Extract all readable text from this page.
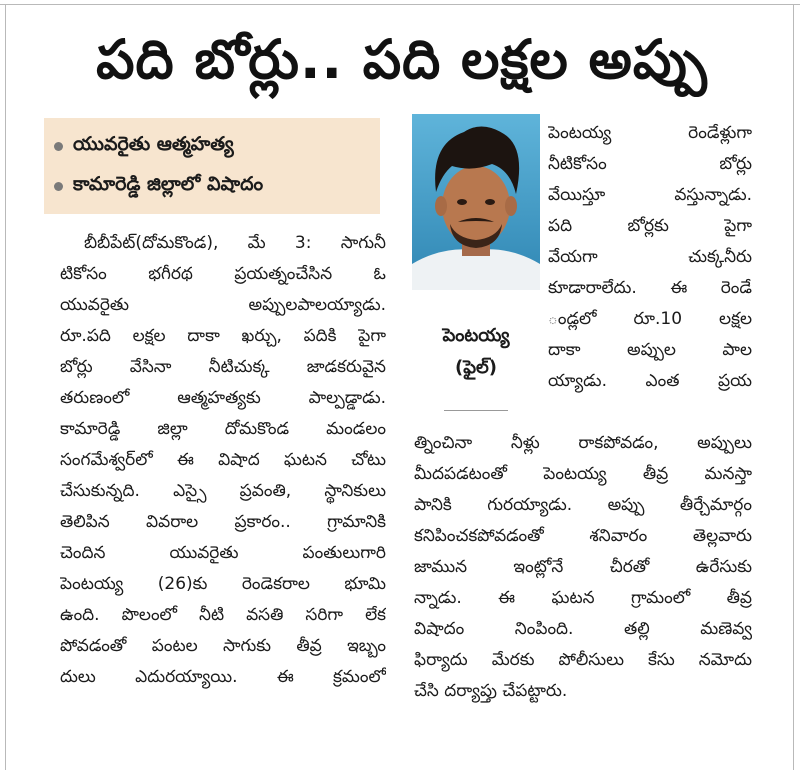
పది బోర్లు.. పది లక్షల అప్పు
యువరైతు ఆత్మహత్య
కామారెడ్డి జిల్లాలో విషాదం
పెంటయ్య
(ఫైల్)
బీబీపేట్(దోమకొండ), మే 3: సాగునీ
టికోసం భగీరథ ప్రయత్నంచేసిన ఓ
యువరైతు అప్పులపాలయ్యాడు.
రూ.పది లక్షల దాకా ఖర్చు, పదికి పైగా
బోర్లు వేసినా నీటిచుక్క జాడకరువైన
తరుణంలో ఆత్మహత్యకు పాల్పడ్డాడు.
కామారెడ్డి జిల్లా దోమకొండ మండలం
సంగమేశ్వర్‌లో ఈ విషాద ఘటన చోటు
చేసుకున్నది. ఎస్సై ప్రవంతి, స్థానికులు
తెలిపిన వివరాల ప్రకారం.. గ్రామానికి
చెందిన యువరైతు పంతులుగారి
పెంటయ్య (26)కు రెండెకరాల భూమి
ఉంది. పొలంలో నీటి వసతి సరిగా లేక
పోవడంతో పంటల సాగుకు తీవ్ర ఇబ్బం
దులు ఎదురయ్యాయి. ఈ క్రమంలో
పెంటయ్య రెండేళ్లుగా
నీటికోసం బోర్లు
వేయిస్తూ వస్తున్నాడు.
పది బోర్లకు పైగా
వేయగా చుక్కనీరు
కూడారాలేదు. ఈ రెండే
ండ్లలో రూ.10 లక్షల
దాకా అప్పుల పాల
య్యాడు. ఎంత ప్రయ
త్నించినా నీళ్లు రాకపోవడం, అప్పులు
మీదపడటంతో పెంటయ్య తీవ్ర మనస్తా
పానికి గురయ్యాడు. అప్పు తీర్చేమార్గం
కనిపించకపోవడంతో శనివారం తెల్లవారు
జామున ఇంట్లోనే చీరతో ఉరేసుకు
న్నాడు. ఈ ఘటన గ్రామంలో తీవ్ర
విషాదం నింపింది. తల్లి మణెవ్వ
ఫిర్యాదు మేరకు పోలీసులు కేసు నమోదు
చేసి దర్యాప్తు చేపట్టారు.
